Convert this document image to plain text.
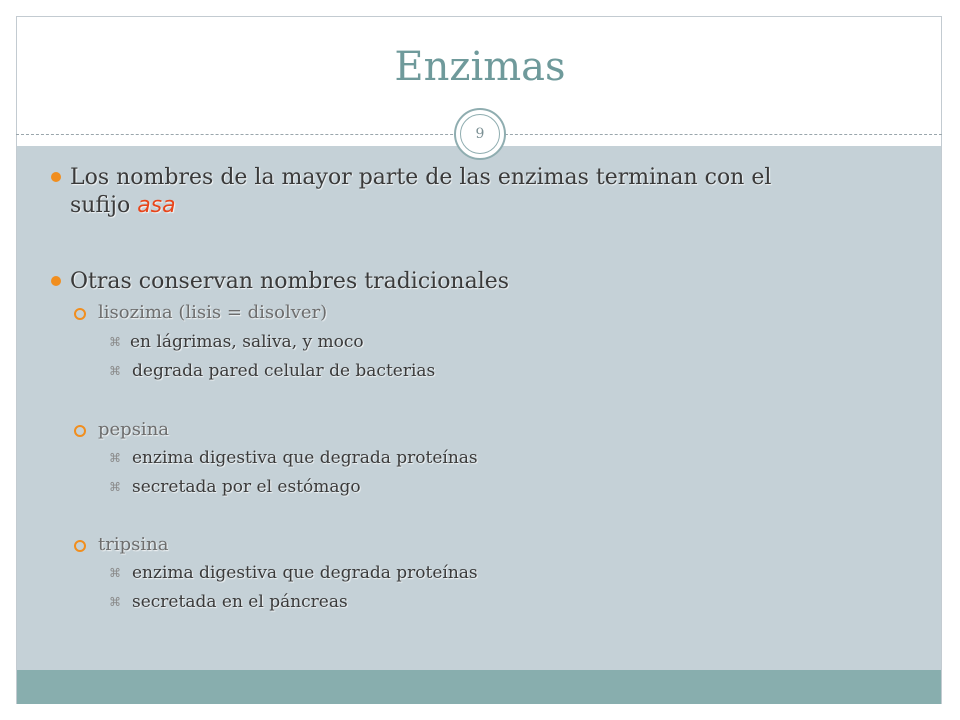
Enzimas
9
Los nombres de la mayor parte de las enzimas terminan con el
sufijo asa
Otras conservan nombres tradicionales
lisozima (lisis = disolver)
⌘ en lágrimas, saliva, y moco
⌘ degrada pared celular de bacterias
pepsina
⌘ enzima digestiva que degrada proteínas
⌘ secretada por el estómago
tripsina
⌘ enzima digestiva que degrada proteínas
⌘ secretada en el páncreas
